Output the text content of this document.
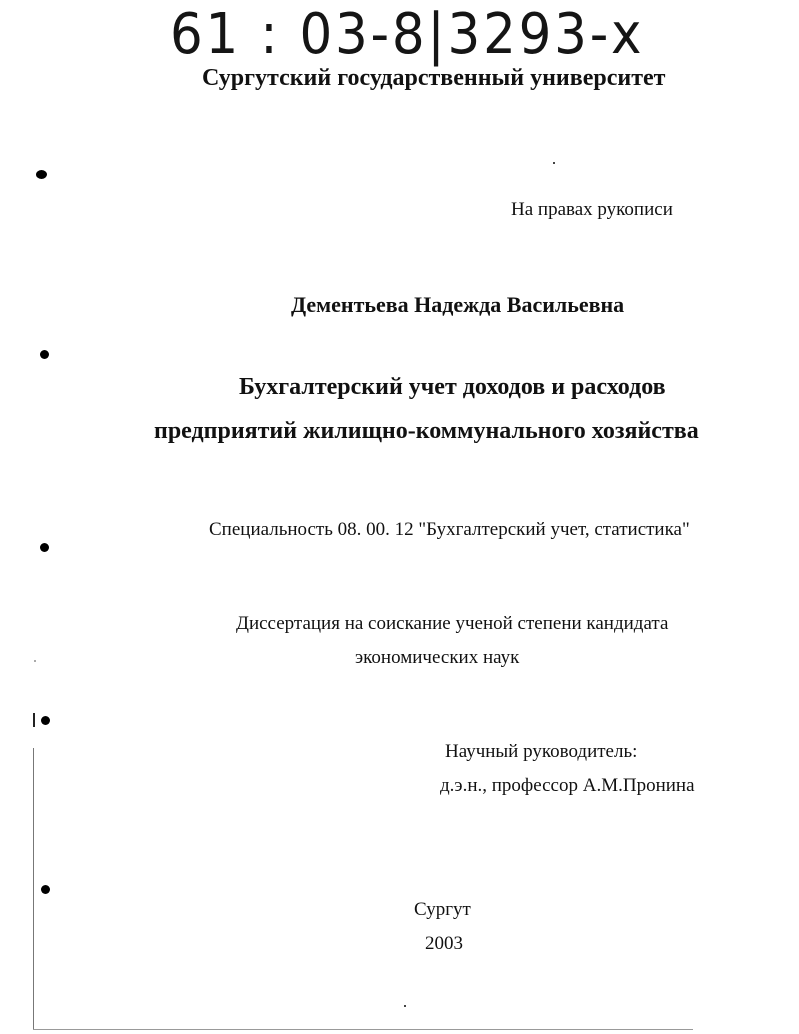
61 : 03-8|3293-x
Сургутский государственный университет
На правах рукописи
Дементьева Надежда Васильевна
Бухгалтерский учет доходов и расходов
предприятий жилищно-коммунального хозяйства
Специальность 08. 00. 12 "Бухгалтерский учет, статистика"
Диссертация на соискание ученой степени кандидата
экономических наук
Научный руководитель:
д.э.н., профессор А.М.Пронина
Сургут
2003
